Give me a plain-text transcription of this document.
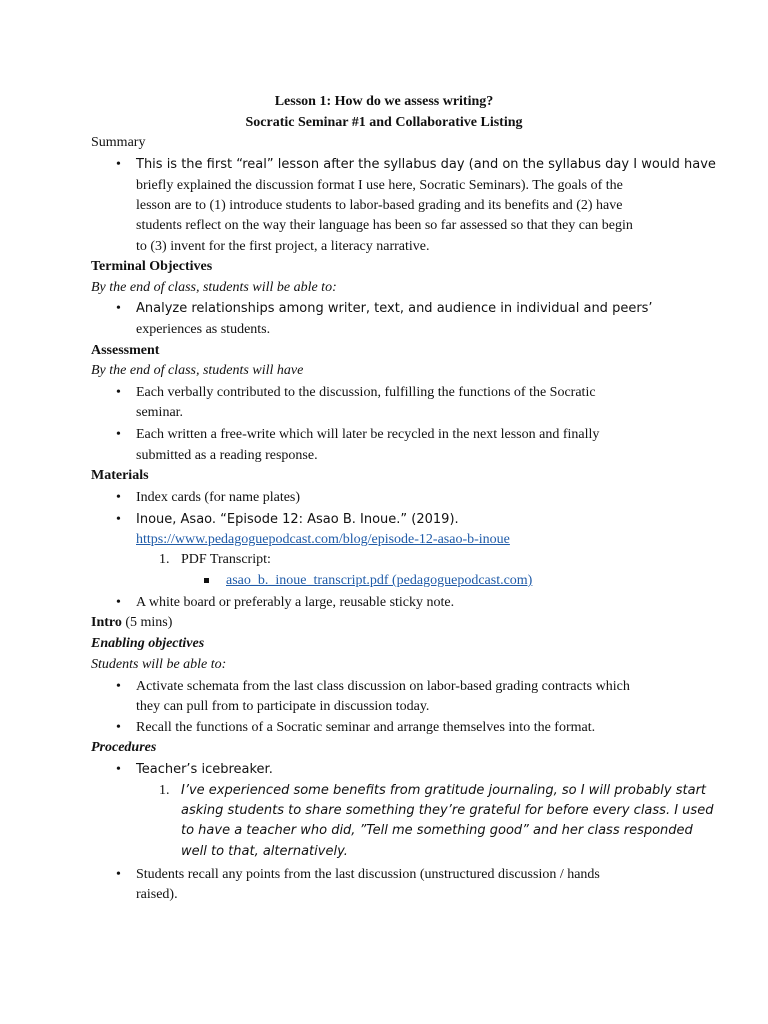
Lesson 1: How do we assess writing?
Socratic Seminar #1 and Collaborative Listing
Summary
• This is the first “real” lesson after the syllabus day (and on the syllabus day I would have
briefly explained the discussion format I use here, Socratic Seminars). The goals of the
lesson are to (1) introduce students to labor-based grading and its benefits and (2) have
students reflect on the way their language has been so far assessed so that they can begin
to (3) invent for the first project, a literacy narrative.
Terminal Objectives
By the end of class, students will be able to:
• Analyze relationships among writer, text, and audience in individual and peers’
experiences as students.
Assessment
By the end of class, students will have
• Each verbally contributed to the discussion, fulfilling the functions of the Socratic
seminar.
• Each written a free-write which will later be recycled in the next lesson and finally
submitted as a reading response.
Materials
• Index cards (for name plates)
• Inoue, Asao. “Episode 12: Asao B. Inoue.” (2019).
https://www.pedagoguepodcast.com/blog/episode-12-asao-b-inoue
1. PDF Transcript:
asao_b._inoue_transcript.pdf (pedagoguepodcast.com)
• A white board or preferably a large, reusable sticky note.
Intro (5 mins)
Enabling objectives
Students will be able to:
• Activate schemata from the last class discussion on labor-based grading contracts which
they can pull from to participate in discussion today.
• Recall the functions of a Socratic seminar and arrange themselves into the format.
Procedures
• Teacher’s icebreaker.
1. I’ve experienced some benefits from gratitude journaling, so I will probably start
asking students to share something they’re grateful for before every class. I used
to have a teacher who did, ”Tell me something good” and her class responded
well to that, alternatively.
• Students recall any points from the last discussion (unstructured discussion / hands
raised).
